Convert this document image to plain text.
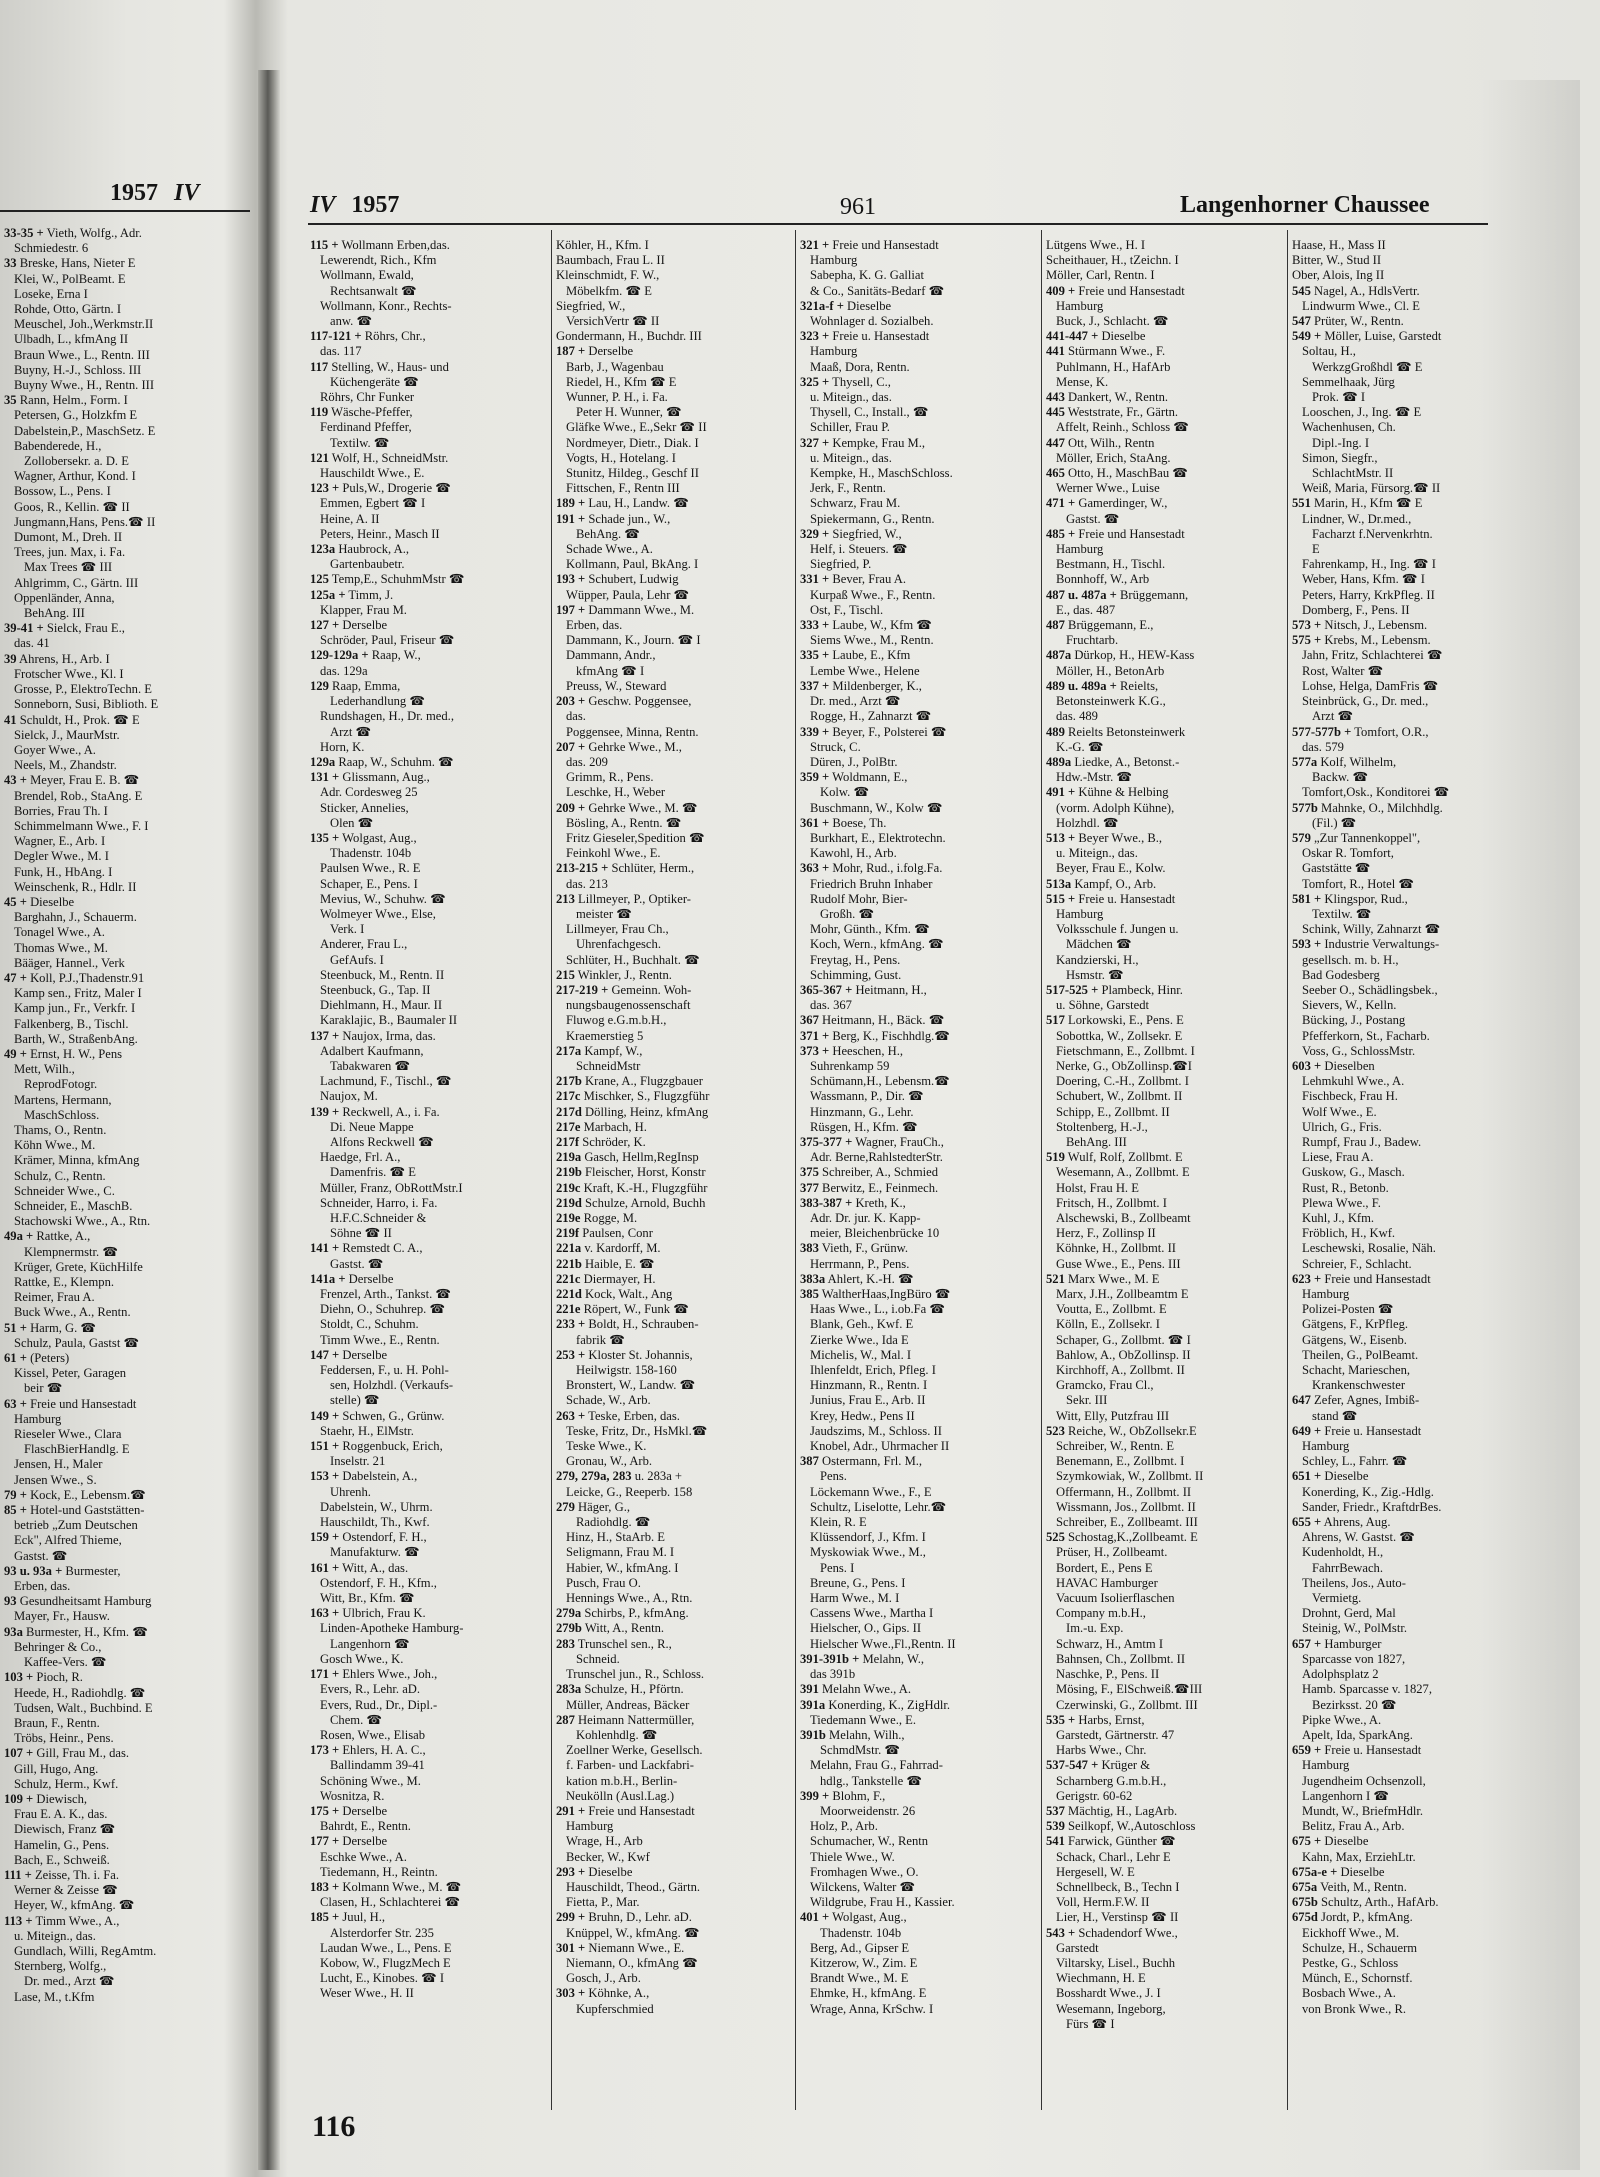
1957 IV
33-35 + Vieth, Wolfg., Adr.
Schmiedestr. 6
33 Breske, Hans, Nieter E
Klei, W., PolBeamt. E
Loseke, Erna I
Rohde, Otto, Gärtn. I
Meuschel, Joh.,Werkmstr.II
Ulbadh, L., kfmAng II
Braun Wwe., L., Rentn. III
Buyny, H.-J., Schloss. III
Buyny Wwe., H., Rentn. III
35 Rann, Helm., Form. I
Petersen, G., Holzkfm E
Dabelstein,P., MaschSetz. E
Babenderede, H.,
Zollobersekr. a. D. E
Wagner, Arthur, Kond. I
Bossow, L., Pens. I
Goos, R., Kellin. ☎ II
Jungmann,Hans, Pens.☎ II
Dumont, M., Dreh. II
Trees, jun. Max, i. Fa.
Max Trees ☎ III
Ahlgrimm, C., Gärtn. III
Oppenländer, Anna,
BehAng. III
39-41 + Sielck, Frau E.,
das. 41
39 Ahrens, H., Arb. I
Frotscher Wwe., Kl. I
Grosse, P., ElektroTechn. E
Sonneborn, Susi, Biblioth. E
41 Schuldt, H., Prok. ☎ E
Sielck, J., MaurMstr.
Goyer Wwe., A.
Neels, M., Zhandstr.
43 + Meyer, Frau E. B. ☎
Brendel, Rob., StaAng. E
Borries, Frau Th. I
Schimmelmann Wwe., F. I
Wagner, E., Arb. I
Degler Wwe., M. I
Funk, H., HbAng. I
Weinschenk, R., Hdlr. II
45 + Dieselbe
Barghahn, J., Schauerm.
Tonagel Wwe., A.
Thomas Wwe., M.
Bääger, Hannel., Verk
47 + Koll, P.J.,Thadenstr.91
Kamp sen., Fritz, Maler I
Kamp jun., Fr., Verkfr. I
Falkenberg, B., Tischl.
Barth, W., StraßenbAng.
49 + Ernst, H. W., Pens
Mett, Wilh.,
ReprodFotogr.
Martens, Hermann,
MaschSchloss.
Thams, O., Rentn.
Köhn Wwe., M.
Krämer, Minna, kfmAng
Schulz, C., Rentn.
Schneider Wwe., C.
Schneider, E., MaschB.
Stachowski Wwe., A., Rtn.
49a + Rattke, A.,
Klempnermstr. ☎
Krüger, Grete, KüchHilfe
Rattke, E., Klempn.
Reimer, Frau A.
Buck Wwe., A., Rentn.
51 + Harm, G. ☎
Schulz, Paula, Gastst ☎
61 + (Peters)
Kissel, Peter, Garagen
beir ☎
63 + Freie und Hansestadt
Hamburg
Rieseler Wwe., Clara
FlaschBierHandlg. E
Jensen, H., Maler
Jensen Wwe., S.
79 + Kock, E., Lebensm.☎
85 + Hotel-und Gaststätten-
betrieb „Zum Deutschen
Eck", Alfred Thieme,
Gastst. ☎
93 u. 93a + Burmester,
Erben, das.
93 Gesundheitsamt Hamburg
Mayer, Fr., Hausw.
93a Burmester, H., Kfm. ☎
Behringer & Co.,
Kaffee-Vers. ☎
103 + Pioch, R.
Heede, H., Radiohdlg. ☎
Tudsen, Walt., Buchbind. E
Braun, F., Rentn.
Tröbs, Heinr., Pens.
107 + Gill, Frau M., das.
Gill, Hugo, Ang.
Schulz, Herm., Kwf.
109 + Diewisch,
Frau E. A. K., das.
Diewisch, Franz ☎
Hamelin, G., Pens.
Bach, E., Schweiß.
111 + Zeisse, Th. i. Fa.
Werner & Zeisse ☎
Heyer, W., kfmAng. ☎
113 + Timm Wwe., A.,
u. Miteign., das.
Gundlach, Willi, RegAmtm.
Sternberg, Wolfg.,
Dr. med., Arzt ☎
Lase, M., t.Kfm
IV 1957	961	Langenhorner Chaussee
115 + Wollmann Erben,das.
Lewerendt, Rich., Kfm
Wollmann, Ewald,
Rechtsanwalt ☎
Wollmann, Konr., Rechts-
anw. ☎
117-121 + Röhrs, Chr.,
das. 117
117 Stelling, W., Haus- und
Küchengeräte ☎
Röhrs, Chr Funker
119 Wäsche-Pfeffer,
Ferdinand Pfeffer,
Textilw. ☎
121 Wolf, H., SchneidMstr.
Hauschildt Wwe., E.
123 + Puls,W., Drogerie ☎
Emmen, Egbert ☎ I
Heine, A. II
Peters, Heinr., Masch II
123a Haubrock, A.,
Gartenbaubetr.
125 Temp,E., SchuhmMstr ☎
125a + Timm, J.
Klapper, Frau M.
127 + Derselbe
Schröder, Paul, Friseur ☎
129-129a + Raap, W.,
das. 129a
129 Raap, Emma,
Lederhandlung ☎
Rundshagen, H., Dr. med.,
Arzt ☎
Horn, K.
129a Raap, W., Schuhm. ☎
131 + Glissmann, Aug.,
Adr. Cordesweg 25
Sticker, Annelies,
Olen ☎
135 + Wolgast, Aug.,
Thadenstr. 104b
Paulsen Wwe., R. E
Schaper, E., Pens. I
Mevius, W., Schuhw. ☎
Wolmeyer Wwe., Else,
Verk. I
Anderer, Frau L.,
GefAufs. I
Steenbuck, M., Rentn. II
Steenbuck, G., Tap. II
Diehlmann, H., Maur. II
Karaklajic, B., Baumaler II
137 + Naujox, Irma, das.
Adalbert Kaufmann,
Tabakwaren ☎
Lachmund, F., Tischl., ☎
Naujox, M.
139 + Reckwell, A., i. Fa.
Di. Neue Mappe
Alfons Reckwell ☎
Haedge, Frl. A.,
Damenfris. ☎ E
Müller, Franz, ObRottMstr.I
Schneider, Harro, i. Fa.
H.F.C.Schneider &
Söhne ☎ II
141 + Remstedt C. A.,
Gastst. ☎
141a + Derselbe
Frenzel, Arth., Tankst. ☎
Diehn, O., Schuhrep. ☎
Stoldt, C., Schuhm.
Timm Wwe., E., Rentn.
147 + Derselbe
Feddersen, F., u. H. Pohl-
sen, Holzhdl. (Verkaufs-
stelle) ☎
149 + Schwen, G., Grünw.
Staehr, H., ElMstr.
151 + Roggenbuck, Erich,
Inselstr. 21
153 + Dabelstein, A.,
Uhrenh.
Dabelstein, W., Uhrm.
Hauschildt, Th., Kwf.
159 + Ostendorf, F. H.,
Manufakturw. ☎
161 + Witt, A., das.
Ostendorf, F. H., Kfm.,
Witt, Br., Kfm. ☎
163 + Ulbrich, Frau K.
Linden-Apotheke Hamburg-
Langenhorn ☎
Gosch Wwe., K.
171 + Ehlers Wwe., Joh.,
Evers, R., Lehr. aD.
Evers, Rud., Dr., Dipl.-
Chem. ☎
Rosen, Wwe., Elisab
173 + Ehlers, H. A. C.,
Ballindamm 39-41
Schöning Wwe., M.
Wosnitza, R.
175 + Derselbe
Bahrdt, E., Rentn.
177 + Derselbe
Eschke Wwe., A.
Tiedemann, H., Reintn.
183 + Kolmann Wwe., M. ☎
Clasen, H., Schlachterei ☎
185 + Juul, H.,
Alsterdorfer Str. 235
Laudan Wwe., L., Pens. E
Kobow, W., FlugzMech E
Lucht, E., Kinobes. ☎ I
Weser Wwe., H. II
Köhler, H., Kfm. I
Baumbach, Frau L. II
Kleinschmidt, F. W.,
Möbelkfm. ☎ E
Siegfried, W.,
VersichVertr ☎ II
Gondermann, H., Buchdr. III
187 + Derselbe
Barb, J., Wagenbau
Riedel, H., Kfm ☎ E
Wunner, P. H., i. Fa.
Peter H. Wunner, ☎
Gläfke Wwe., E.,Sekr ☎ II
Nordmeyer, Dietr., Diak. I
Vogts, H., Hotelang. I
Stunitz, Hildeg., Geschf II
Fittschen, F., Rentn III
189 + Lau, H., Landw. ☎
191 + Schade jun., W.,
BehAng. ☎
Schade Wwe., A.
Kollmann, Paul, BkAng. I
193 + Schubert, Ludwig
Wüpper, Paula, Lehr ☎
197 + Dammann Wwe., M.
Erben, das.
Dammann, K., Journ. ☎ I
Dammann, Andr.,
kfmAng ☎ I
Preuss, W., Steward
203 + Geschw. Poggensee,
das.
Poggensee, Minna, Rentn.
207 + Gehrke Wwe., M.,
das. 209
Grimm, R., Pens.
Leschke, H., Weber
209 + Gehrke Wwe., M. ☎
Bösling, A., Rentn. ☎
Fritz Gieseler,Spedition ☎
Feinkohl Wwe., E.
213-215 + Schlüter, Herm.,
das. 213
213 Lillmeyer, P., Optiker-
meister ☎
Lillmeyer, Frau Ch.,
Uhrenfachgesch.
Schlüter, H., Buchhalt. ☎
215 Winkler, J., Rentn.
217-219 + Gemeinn. Woh-
nungsbaugenossenschaft
Fluwog e.G.m.b.H.,
Kraemerstieg 5
217a Kampf, W.,
SchneidMstr
217b Krane, A., Flugzgbauer
217c Mischker, S., Flugzgführ
217d Dölling, Heinz, kfmAng
217e Marbach, H.
217f Schröder, K.
219a Gasch, Hellm,RegInsp
219b Fleischer, Horst, Konstr
219c Kraft, K.-H., Flugzgführ
219d Schulze, Arnold, Buchh
219e Rogge, M.
219f Paulsen, Conr
221a v. Kardorff, M.
221b Haible, E. ☎
221c Diermayer, H.
221d Kock, Walt., Ang
221e Röpert, W., Funk ☎
233 + Boldt, H., Schrauben-
fabrik ☎
253 + Kloster St. Johannis,
Heilwigstr. 158-160
Bronstert, W., Landw. ☎
Schade, W., Arb.
263 + Teske, Erben, das.
Teske, Fritz, Dr., HsMkl.☎
Teske Wwe., K.
Gronau, W., Arb.
279, 279a, 283 u. 283a +
Leicke, G., Reeperb. 158
279 Häger, G.,
Radiohdlg. ☎
Hinz, H., StaArb. E
Seligmann, Frau M. I
Habier, W., kfmAng. I
Pusch, Frau O.
Hennings Wwe., A., Rtn.
279a Schirbs, P., kfmAng.
279b Witt, A., Rentn.
283 Trunschel sen., R.,
Schneid.
Trunschel jun., R., Schloss.
283a Schulze, H., Pförtn.
Müller, Andreas, Bäcker
287 Heimann Nattermüller,
Kohlenhdlg. ☎
Zoellner Werke, Gesellsch.
f. Farben- und Lackfabri-
kation m.b.H., Berlin-
Neukölln (Ausl.Lag.)
291 + Freie und Hansestadt
Hamburg
Wrage, H., Arb
Becker, W., Kwf
293 + Dieselbe
Hauschildt, Theod., Gärtn.
Fietta, P., Mar.
299 + Bruhn, D., Lehr. aD.
Knüppel, W., kfmAng. ☎
301 + Niemann Wwe., E.
Niemann, O., kfmAng ☎
Gosch, J., Arb.
303 + Köhnke, A.,
Kupferschmied
321 + Freie und Hansestadt
Hamburg
Sabepha, K. G. Galliat
& Co., Sanitäts-Bedarf ☎
321a-f + Dieselbe
Wohnlager d. Sozialbeh.
323 + Freie u. Hansestadt
Hamburg
Maaß, Dora, Rentn.
325 + Thysell, C.,
u. Miteign., das.
Thysell, C., Install., ☎
Schiller, Frau P.
327 + Kempke, Frau M.,
u. Miteign., das.
Kempke, H., MaschSchloss.
Jerk, F., Rentn.
Schwarz, Frau M.
Spiekermann, G., Rentn.
329 + Siegfried, W.,
Helf, i. Steuers. ☎
Siegfried, P.
331 + Bever, Frau A.
Kurpaß Wwe., F., Rentn.
Ost, F., Tischl.
333 + Laube, W., Kfm ☎
Siems Wwe., M., Rentn.
335 + Laube, E., Kfm
Lembe Wwe., Helene
337 + Mildenberger, K.,
Dr. med., Arzt ☎
Rogge, H., Zahnarzt ☎
339 + Beyer, F., Polsterei ☎
Struck, C.
Düren, J., PolBtr.
359 + Woldmann, E.,
Kolw. ☎
Buschmann, W., Kolw ☎
361 + Boese, Th.
Burkhart, E., Elektrotechn.
Kawohl, H., Arb.
363 + Mohr, Rud., i.folg.Fa.
Friedrich Bruhn Inhaber
Rudolf Mohr, Bier-
Großh. ☎
Mohr, Günth., Kfm. ☎
Koch, Wern., kfmAng. ☎
Freytag, H., Pens.
Schimming, Gust.
365-367 + Heitmann, H.,
das. 367
367 Heitmann, H., Bäck. ☎
371 + Berg, K., Fischhdlg.☎
373 + Heeschen, H.,
Suhrenkamp 59
Schümann,H., Lebensm.☎
Wassmann, P., Dir. ☎
Hinzmann, G., Lehr.
Rüsgen, H., Kfm. ☎
375-377 + Wagner, FrauCh.,
Adr. Berne,RahlstedterStr.
375 Schreiber, A., Schmied
377 Berwitz, E., Feinmech.
383-387 + Kreth, K.,
Adr. Dr. jur. K. Kapp-
meier, Bleichenbrücke 10
383 Vieth, F., Grünw.
Herrmann, P., Pens.
383a Ahlert, K.-H. ☎
385 WaltherHaas,IngBüro ☎
Haas Wwe., L., i.ob.Fa ☎
Blank, Geh., Kwf. E
Zierke Wwe., Ida E
Michelis, W., Mal. I
Ihlenfeldt, Erich, Pfleg. I
Hinzmann, R., Rentn. I
Junius, Frau E., Arb. II
Krey, Hedw., Pens II
Jaudszims, M., Schloss. II
Knobel, Adr., Uhrmacher II
387 Ostermann, Frl. M.,
Pens.
Löckemann Wwe., F., E
Schultz, Liselotte, Lehr.☎
Klein, R. E
Klüssendorf, J., Kfm. I
Myskowiak Wwe., M.,
Pens. I
Breune, G., Pens. I
Harm Wwe., M. I
Cassens Wwe., Martha I
Hielscher, O., Gips. II
Hielscher Wwe.,Fl.,Rentn. II
391-391b + Melahn, W.,
das 391b
391 Melahn Wwe., A.
391a Konerding, K., ZigHdlr.
Tiedemann Wwe., E.
391b Melahn, Wilh.,
SchmdMstr. ☎
Melahn, Frau G., Fahrrad-
hdlg., Tankstelle ☎
399 + Blohm, F.,
Moorweidenstr. 26
Holz, P., Arb.
Schumacher, W., Rentn
Thiele Wwe., W.
Fromhagen Wwe., O.
Wilckens, Walter ☎
Wildgrube, Frau H., Kassier.
401 + Wolgast, Aug.,
Thadenstr. 104b
Berg, Ad., Gipser E
Kitzerow, W., Zim. E
Brandt Wwe., M. E
Ehmke, H., kfmAng. E
Wrage, Anna, KrSchw. I
Lütgens Wwe., H. I
Scheithauer, H., tZeichn. I
Möller, Carl, Rentn. I
409 + Freie und Hansestadt
Hamburg
Buck, J., Schlacht. ☎
441-447 + Dieselbe
441 Stürmann Wwe., F.
Puhlmann, H., HafArb
Mense, K.
443 Dankert, W., Rentn.
445 Weststrate, Fr., Gärtn.
Affelt, Reinh., Schloss ☎
447 Ott, Wilh., Rentn
Möller, Erich, StaAng.
465 Otto, H., MaschBau ☎
Werner Wwe., Luise
471 + Gamerdinger, W.,
Gastst. ☎
485 + Freie und Hansestadt
Hamburg
Bestmann, H., Tischl.
Bonnhoff, W., Arb
487 u. 487a + Brüggemann,
E., das. 487
487 Brüggemann, E.,
Fruchtarb.
487a Dürkop, H., HEW-Kass
Möller, H., BetonArb
489 u. 489a + Reielts,
Betonsteinwerk K.G.,
das. 489
489 Reielts Betonsteinwerk
K.-G. ☎
489a Liedke, A., Betonst.-
Hdw.-Mstr. ☎
491 + Kühne & Helbing
(vorm. Adolph Kühne),
Holzhdl. ☎
513 + Beyer Wwe., B.,
u. Miteign., das.
Beyer, Frau E., Kolw.
513a Kampf, O., Arb.
515 + Freie u. Hansestadt
Hamburg
Volksschule f. Jungen u.
Mädchen ☎
Kandzierski, H.,
Hsmstr. ☎
517-525 + Plambeck, Hinr.
u. Söhne, Garstedt
517 Lorkowski, E., Pens. E
Sobottka, W., Zollsekr. E
Fietschmann, E., Zollbmt. I
Nerke, G., ObZollinsp.☎I
Doering, C.-H., Zollbmt. I
Schubert, W., Zollbmt. II
Schipp, E., Zollbmt. II
Stoltenberg, H.-J.,
BehAng. III
519 Wulf, Rolf, Zollbmt. E
Wesemann, A., Zollbmt. E
Holst, Frau H. E
Fritsch, H., Zollbmt. I
Alschewski, B., Zollbeamt
Herz, F., Zollinsp II
Köhnke, H., Zollbmt. II
Guse Wwe., E., Pens. III
521 Marx Wwe., M. E
Marx, J.H., Zollbeamtm E
Voutta, E., Zollbmt. E
Kölln, E., Zollsekr. I
Schaper, G., Zollbmt. ☎ I
Bahlow, A., ObZollinsp. II
Kirchhoff, A., Zollbmt. II
Gramcko, Frau Cl.,
Sekr. III
Witt, Elly, Putzfrau III
523 Reiche, W., ObZollsekr.E
Schreiber, W., Rentn. E
Benemann, E., Zollbmt. I
Szymkowiak, W., Zollbmt. II
Offermann, H., Zollbmt. II
Wissmann, Jos., Zollbmt. II
Schreiber, E., Zollbeamt. III
525 Schostag,K.,Zollbeamt. E
Prüser, H., Zollbeamt.
Bordert, E., Pens E
HAVAC Hamburger
Vacuum Isolierflaschen
Company m.b.H.,
Im.-u. Exp.
Schwarz, H., Amtm I
Bahnsen, Ch., Zollbmt. II
Naschke, P., Pens. II
Mösing, F., ElSchweiß.☎III
Czerwinski, G., Zollbmt. III
535 + Harbs, Ernst,
Garstedt, Gärtnerstr. 47
Harbs Wwe., Chr.
537-547 + Krüger &
Scharnberg G.m.b.H.,
Gerigstr. 60-62
537 Mächtig, H., LagArb.
539 Seilkopf, W.,Autoschloss
541 Farwick, Günther ☎
Schack, Charl., Lehr E
Hergesell, W. E
Schnellbeck, B., Techn I
Voll, Herm.F.W. II
Lier, H., Verstinsp ☎ II
543 + Schadendorf Wwe.,
Garstedt
Viltarsky, Lisel., Buchh
Wiechmann, H. E
Bosshardt Wwe., J. I
Wesemann, Ingeborg,
Fürs ☎ I
Haase, H., Mass II
Bitter, W., Stud II
Ober, Alois, Ing II
545 Nagel, A., HdlsVertr.
Lindwurm Wwe., Cl. E
547 Prüter, W., Rentn.
549 + Möller, Luise, Garstedt
Soltau, H.,
WerkzgGroßhdl ☎ E
Semmelhaak, Jürg
Prok. ☎ I
Looschen, J., Ing. ☎ E
Wachenhusen, Ch.
Dipl.-Ing. I
Simon, Siegfr.,
SchlachtMstr. II
Weiß, Maria, Fürsorg.☎ II
551 Marin, H., Kfm ☎ E
Lindner, W., Dr.med.,
Facharzt f.Nervenkrhtn.
E
Fahrenkamp, H., Ing. ☎ I
Weber, Hans, Kfm. ☎ I
Peters, Harry, KrkPfleg. II
Domberg, F., Pens. II
573 + Nitsch, J., Lebensm.
575 + Krebs, M., Lebensm.
Jahn, Fritz, Schlachterei ☎
Rost, Walter ☎
Lohse, Helga, DamFris ☎
Steinbrück, G., Dr. med.,
Arzt ☎
577-577b + Tomfort, O.R.,
das. 579
577a Kolf, Wilhelm,
Backw. ☎
Tomfort,Osk., Konditorei ☎
577b Mahnke, O., Milchhdlg.
(Fil.) ☎
579 „Zur Tannenkoppel",
Oskar R. Tomfort,
Gaststätte ☎
Tomfort, R., Hotel ☎
581 + Klingspor, Rud.,
Textilw. ☎
Schink, Willy, Zahnarzt ☎
593 + Industrie Verwaltungs-
gesellsch. m. b. H.,
Bad Godesberg
Seeber O., Schädlingsbek.,
Sievers, W., Kelln.
Bücking, J., Postang
Pfefferkorn, St., Facharb.
Voss, G., SchlossMstr.
603 + Dieselben
Lehmkuhl Wwe., A.
Fischbeck, Frau H.
Wolf Wwe., E.
Ulrich, G., Fris.
Rumpf, Frau J., Badew.
Liese, Frau A.
Guskow, G., Masch.
Rust, R., Betonb.
Plewa Wwe., F.
Kuhl, J., Kfm.
Fröblich, H., Kwf.
Leschewski, Rosalie, Näh.
Schreier, F., Schlacht.
623 + Freie und Hansestadt
Hamburg
Polizei-Posten ☎
Gätgens, F., KrPfleg.
Gätgens, W., Eisenb.
Theilen, G., PolBeamt.
Schacht, Marieschen,
Krankenschwester
647 Zefer, Agnes, Imbiß-
stand ☎
649 + Freie u. Hansestadt
Hamburg
Schley, L., Fahrr. ☎
651 + Dieselbe
Konerding, K., Zig.-Hdlg.
Sander, Friedr., KraftdrBes.
655 + Ahrens, Aug.
Ahrens, W. Gastst. ☎
Kudenholdt, H.,
FahrrBewach.
Theilens, Jos., Auto-
Vermietg.
Drohnt, Gerd, Mal
Steinig, W., PolMstr.
657 + Hamburger
Sparcasse von 1827,
Adolphsplatz 2
Hamb. Sparcasse v. 1827,
Bezirksst. 20 ☎
Pipke Wwe., A.
Apelt, Ida, SparkAng.
659 + Freie u. Hansestadt
Hamburg
Jugendheim Ochsenzoll,
Langenhorn I ☎
Mundt, W., BriefmHdlr.
Belitz, Frau A., Arb.
675 + Dieselbe
Kahn, Max, ErziehLtr.
675a-e + Dieselbe
675a Veith, M., Rentn.
675b Schultz, Arth., HafArb.
675d Jordt, P., kfmAng.
Eickhoff Wwe., M.
Schulze, H., Schauerm
Pestke, G., Schloss
Münch, E., Schornstf.
Bosbach Wwe., A.
von Bronk Wwe., R.
116
